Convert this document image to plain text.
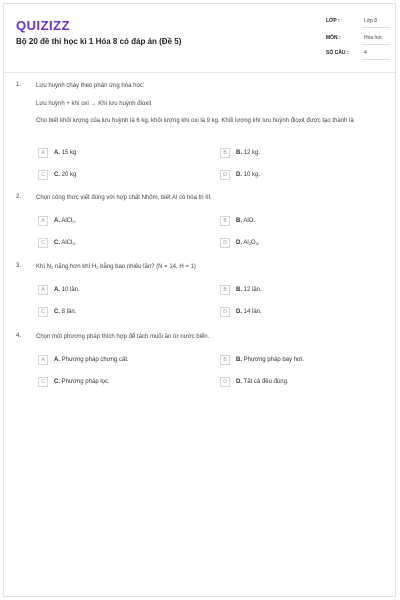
QUIZIZZ
Bộ 20 đề thi học kì 1 Hóa 8 có đáp án (Đề 5)
LỚP :	Lớp 8
MÔN :	Hóa học
SỐ CÂU :	4
1. Lưu huỳnh cháy theo phản ứng hóa học:
Lưu huỳnh + khí oxi → Khí lưu huỳnh đioxit
Cho biết khối lượng của lưu huỳnh là 6 kg, khối lượng khí oxi là 9 kg. Khối lượng khí lưu huỳnh đioxit được tạo thành là
A	A. 15 kg	B	B. 12 kg.
C	C. 20 kg	D	D. 10 kg.
2. Chọn công thức viết đúng với hợp chất Nhôm, biết Al có hóa trị III.
A	A. AlCl$_2$.	B	B. AlO.
C	C. AlCl$_3$.	D	D. $Al_2O_3$.
3. Khí $N_2$ nặng hơn khí $H_2$ bằng bao nhiêu lần? (N = 14, H = 1)
A	A. 10 lần.	B	B. 12 lần.
C	C. 8 lần.	D	D. 14 lần.
4. Chọn một phương pháp thích hợp để tách muối ăn từ nước biển.
A	A. Phương pháp chưng cất.	B	B. Phương pháp bay hơi.
C	C. Phương pháp lọc.	D	D. Tất cả đều đúng.
